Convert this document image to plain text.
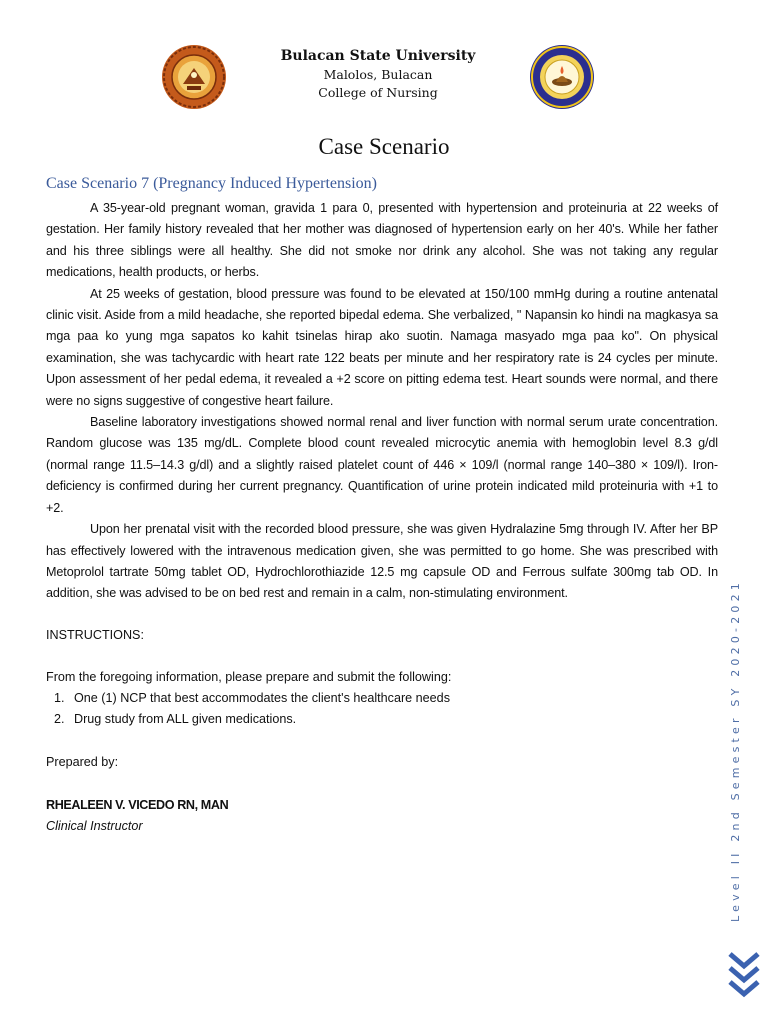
Bulacan State University
Malolos, Bulacan
College of Nursing
Case Scenario
Case Scenario 7 (Pregnancy Induced Hypertension)

A 35-year-old pregnant woman, gravida 1 para 0, presented with hypertension and proteinuria at 22 weeks of gestation. Her family history revealed that her mother was diagnosed of hypertension early on her 40's. While her father and his three siblings were all healthy. She did not smoke nor drink any alcohol. She was not taking any regular medications, health products, or herbs.

At 25 weeks of gestation, blood pressure was found to be elevated at 150/100 mmHg during a routine antenatal clinic visit. Aside from a mild headache, she reported bipedal edema. She verbalized, " Napansin ko hindi na magkasya sa mga paa ko yung mga sapatos ko kahit tsinelas hirap ako suotin. Namaga masyado mga paa ko". On physical examination, she was tachycardic with heart rate 122 beats per minute and her respiratory rate is 24 cycles per minute. Upon assessment of her pedal edema, it revealed a +2 score on pitting edema test. Heart sounds were normal, and there were no signs suggestive of congestive heart failure.

Baseline laboratory investigations showed normal renal and liver function with normal serum urate concentration. Random glucose was 135 mg/dL. Complete blood count revealed microcytic anemia with hemoglobin level 8.3 g/dl (normal range 11.5–14.3 g/dl) and a slightly raised platelet count of 446 × 109/l (normal range 140–380 × 109/l). Iron-deficiency is confirmed during her current pregnancy. Quantification of urine protein indicated mild proteinuria with +1 to +2.

Upon her prenatal visit with the recorded blood pressure, she was given Hydralazine 5mg through IV. After her BP has effectively lowered with the intravenous medication given, she was permitted to go home. She was prescribed with Metoprolol tartrate 50mg tablet OD, Hydrochlorothiazide 12.5 mg capsule OD and Ferrous sulfate 300mg tab OD. In addition, she was advised to be on bed rest and remain in a calm, non-stimulating environment.

INSTRUCTIONS:
From the foregoing information, please prepare and submit the following:
1. One (1) NCP that best accommodates the client's healthcare needs
2. Drug study from ALL given medications.
Prepared by:
RHEALEEN V. VICEDO RN, MAN
Clinical Instructor	Level II 2nd Semester SY 2020-2021
